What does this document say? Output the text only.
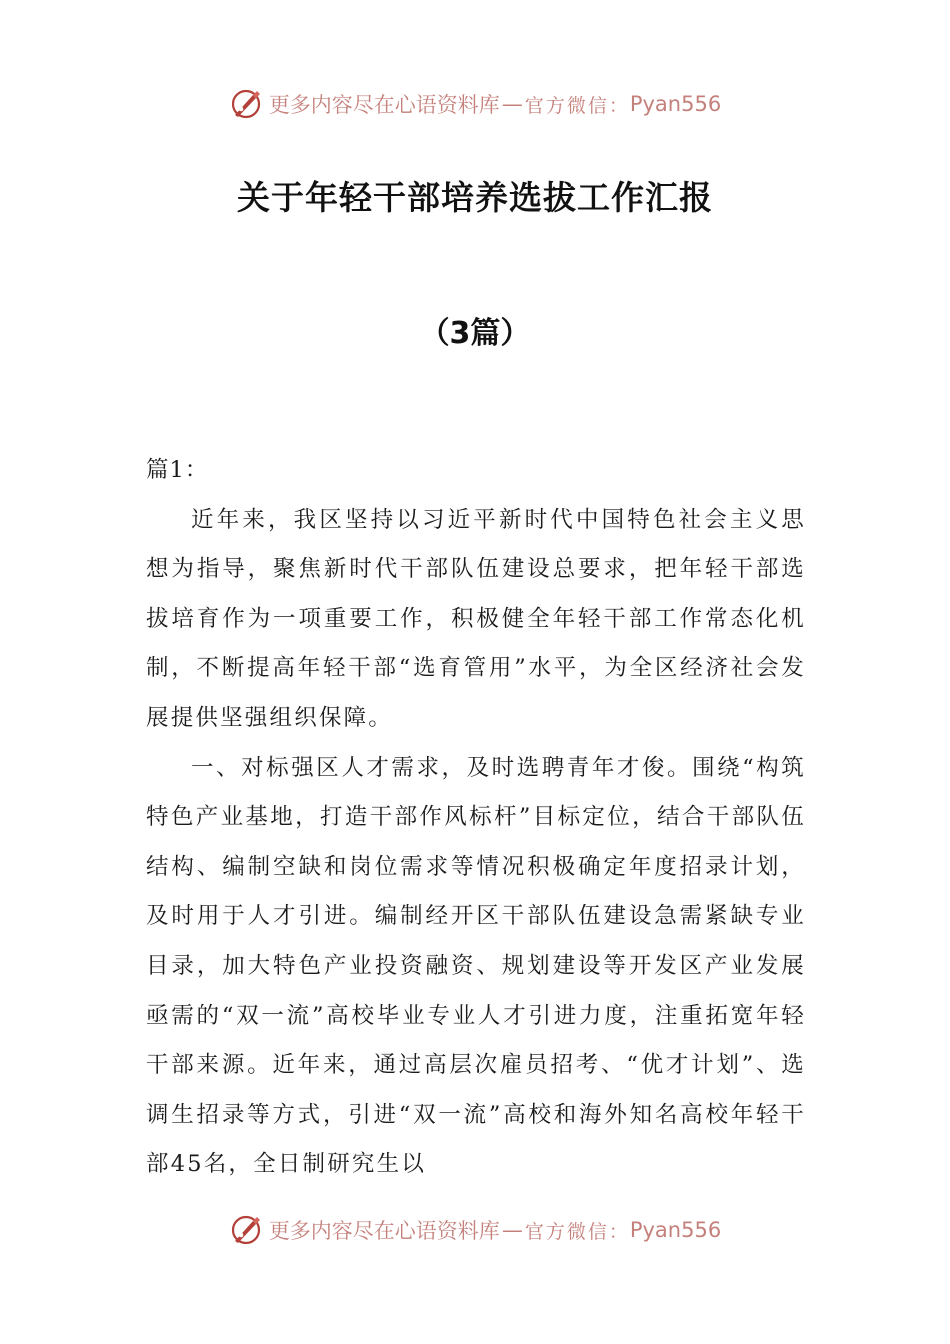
更多内容尽在心语资料库 — 官方微信： Pyan556
关于年轻干部培养选拔工作汇报
（3篇）

篇1：

近年来，我区坚持以习近平新时代中国特色社会主义思想为指导，聚焦新时代干部队伍建设总要求，把年轻干部选拔培育作为一项重要工作，积极健全年轻干部工作常态化机制，不断提高年轻干部“选育管用”水平，为全区经济社会发展提供坚强组织保障。

一、对标强区人才需求，及时选聘青年才俊。围绕“构筑特色产业基地，打造干部作风标杆”目标定位，结合干部队伍结构、编制空缺和岗位需求等情况积极确定年度招录计划，及时用于人才引进。编制经开区干部队伍建设急需紧缺专业目录，加大特色产业投资融资、规划建设等开发区产业发展亟需的“双一流”高校毕业专业人才引进力度，注重拓宽年轻干部来源。近年来，通过高层次雇员招考、“优才计划”、选调生招录等方式，引进“双一流”高校和海外知名高校年轻干部45名，全日制研究生以

更多内容尽在心语资料库 — 官方微信： Pyan556
